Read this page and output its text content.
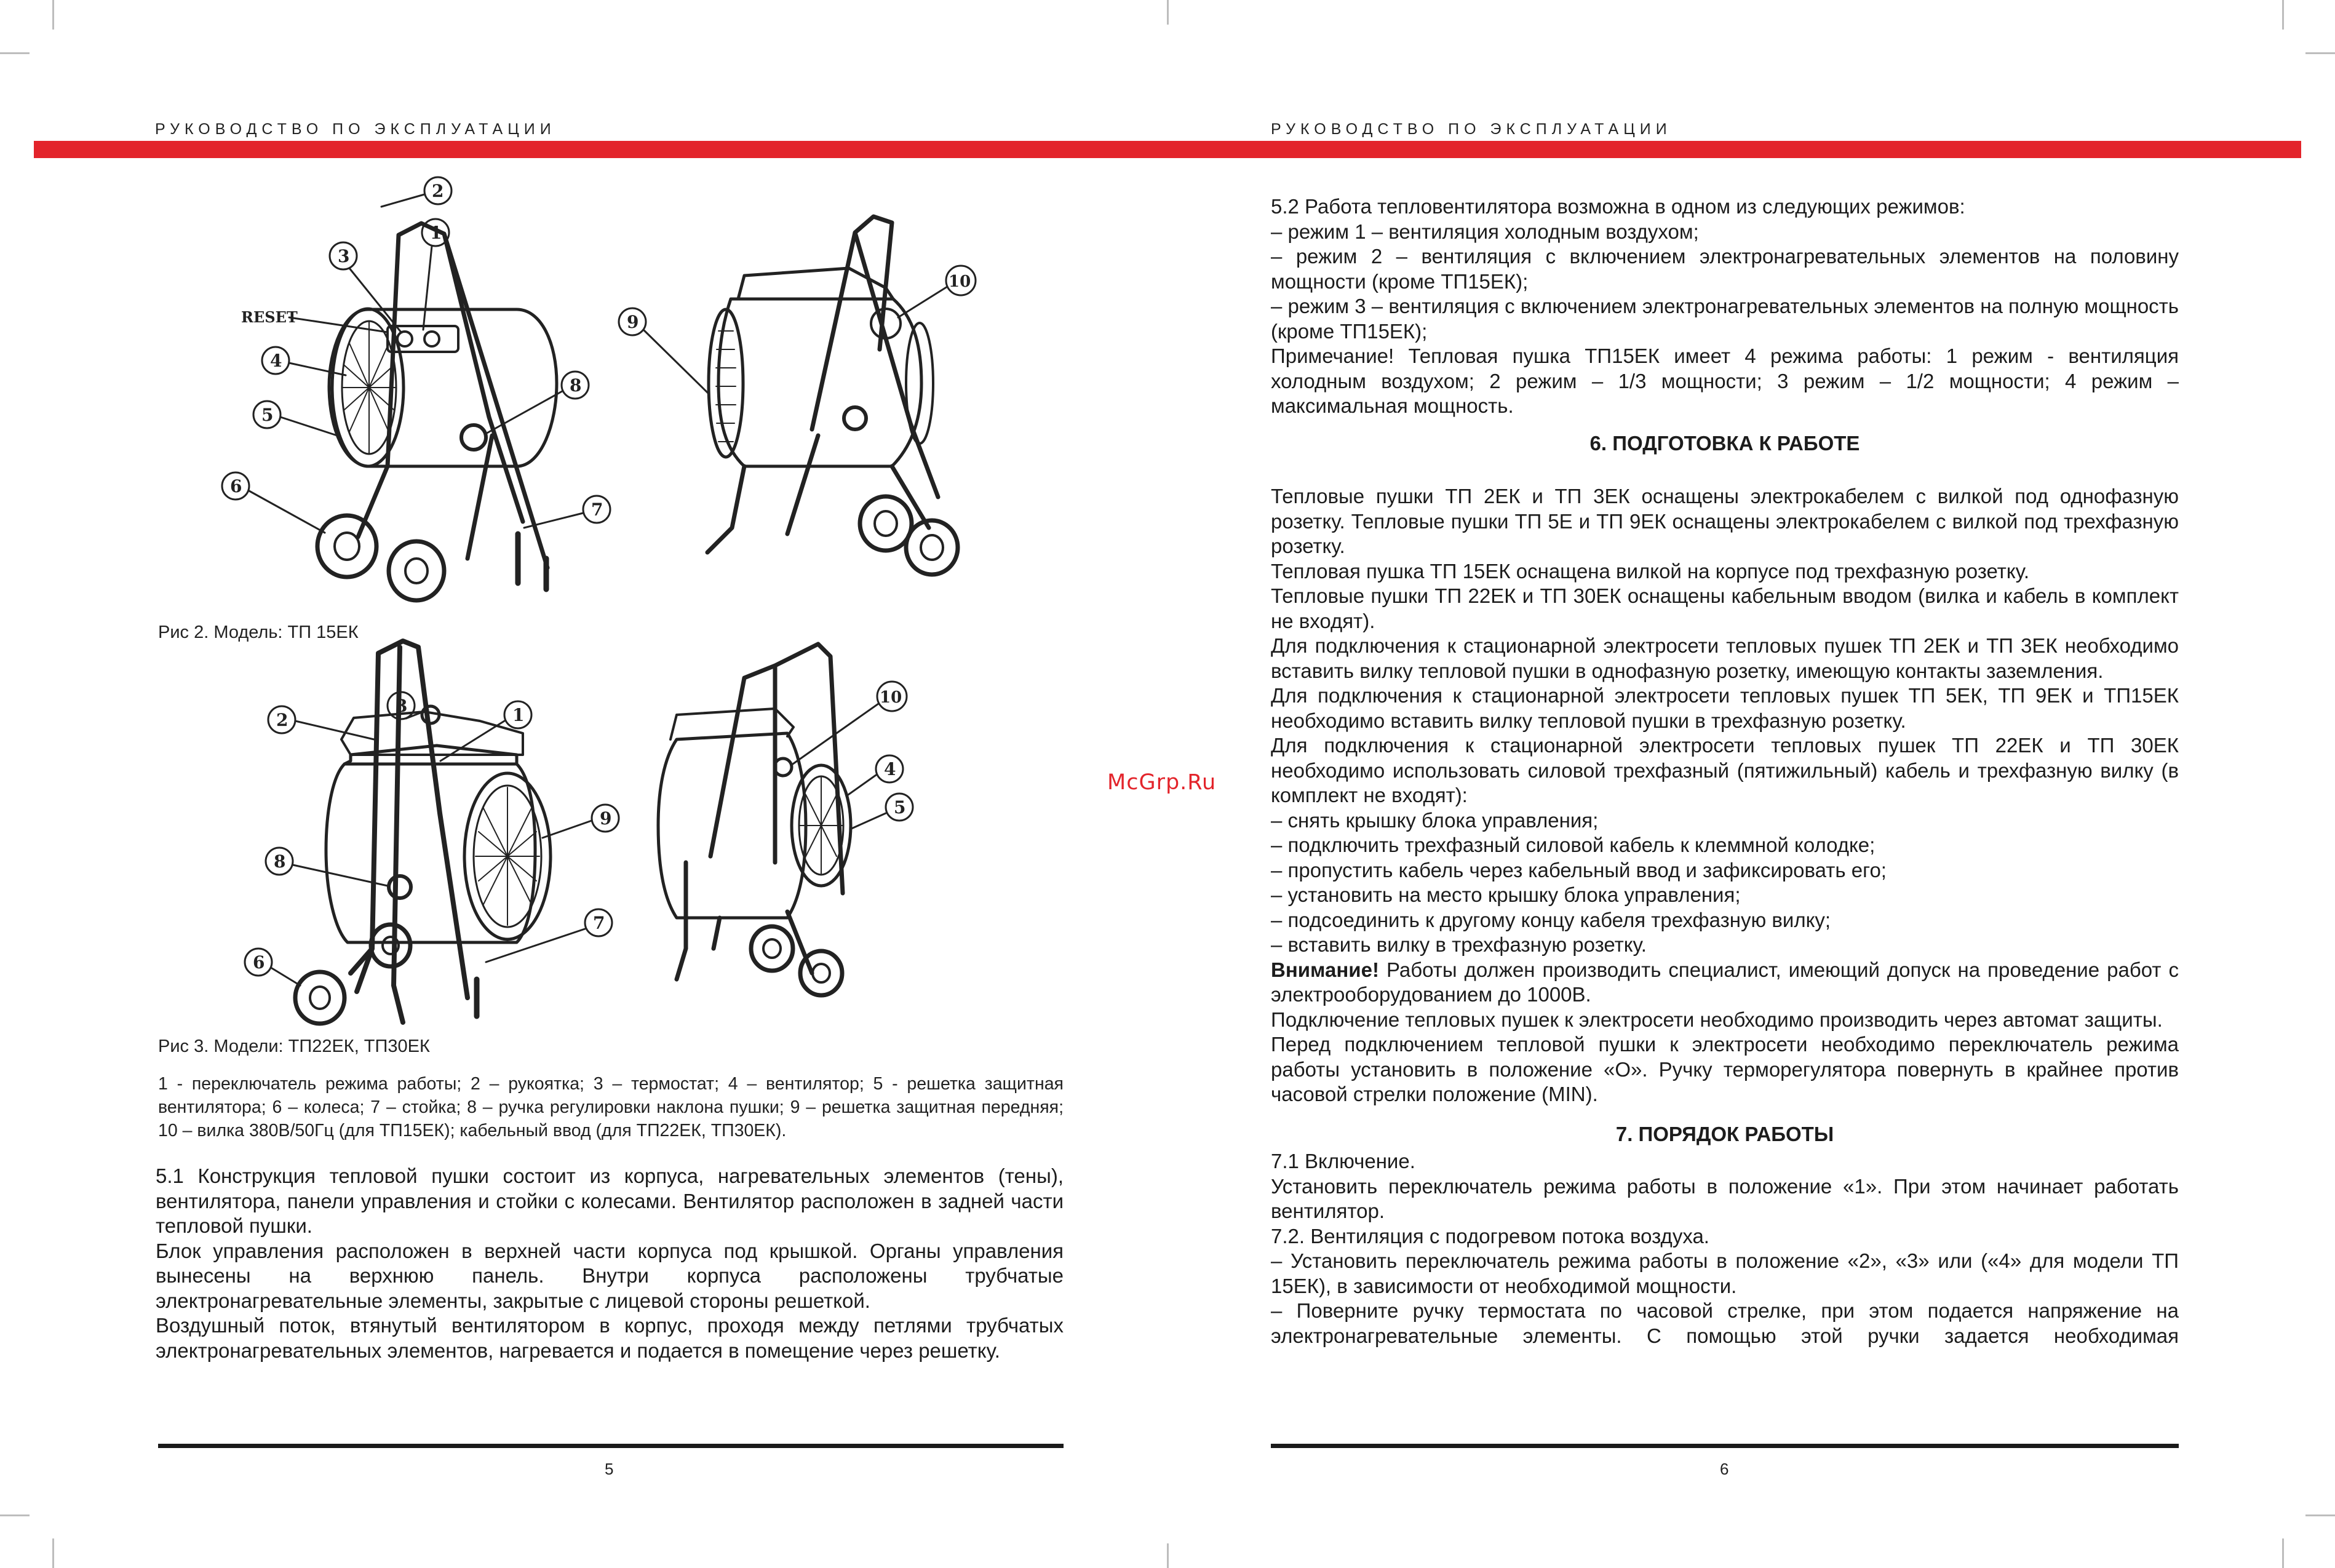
РУКОВОДСТВО ПО ЭКСПЛУАТАЦИИ	РУКОВОДСТВО ПО ЭКСПЛУАТАЦИИ
2
1
3
RESET
4
5
6
8
7
9
10
Рис 2. Модель: ТП 15ЕК
2
3	1
9
8
7
6
10
4
5
Рис 3. Модели: ТП22ЕК, ТП30ЕК
1 - переключатель режима работы; 2 – рукоятка; 3 – термостат; 4 – вентилятор; 5 - решетка защитная вентилятора; 6 – колеса; 7 – стойка; 8 – ручка регулировки наклона пушки; 9 – решетка защитная передняя; 10 – вилка 380В/50Гц (для ТП15ЕК); кабельный ввод (для ТП22ЕК, ТП30ЕК).

5.1 Конструкция тепловой пушки состоит из корпуса, нагревательных элементов (тены), вентилятора, панели управления и стойки с колесами. Вентилятор расположен в задней части тепловой пушки.

Блок управления расположен в верхней части корпуса под крышкой. Органы управления вынесены на верхнюю панель. Внутри корпуса расположены трубчатые электронагревательные элементы, закрытые с лицевой стороны решеткой.

Воздушный поток, втянутый вентилятором в корпус, проходя между петлями трубчатых электронагревательных элементов, нагревается и подается в помещение через решетку.

5
McGrp.Ru

5.2 Работа тепловентилятора возможна в одном из следующих режимов:

– режим 1 – вентиляция холодным воздухом;

– режим 2 – вентиляция с включением электронагревательных элементов на половину мощности (кроме ТП15ЕК);

– режим 3 – вентиляция с включением электронагревательных элементов на полную мощность (кроме ТП15ЕК);

Примечание! Тепловая пушка ТП15ЕК имеет 4 режима работы: 1 режим - вентиляция холодным воздухом; 2 режим – 1/3 мощности; 3 режим – 1/2 мощности; 4 режим – максимальная мощность.

6. ПОДГОТОВКА К РАБОТЕ

Тепловые пушки ТП 2ЕК и ТП 3ЕК оснащены электрокабелем с вилкой под однофазную розетку. Тепловые пушки ТП 5Е и ТП 9ЕК оснащены электрокабелем с вилкой под трехфазную розетку.

Тепловая пушка ТП 15ЕК оснащена вилкой на корпусе под трехфазную розетку.

Тепловые пушки ТП 22ЕК и ТП 30ЕК оснащены кабельным вводом (вилка и кабель в комплект не входят).

Для подключения к стационарной электросети тепловых пушек ТП 2ЕК и ТП 3ЕК необходимо вставить вилку тепловой пушки в однофазную розетку, имеющую контакты заземления.

Для подключения к стационарной электросети тепловых пушек ТП 5ЕК, ТП 9ЕК и ТП15ЕК необходимо вставить вилку тепловой пушки в трехфазную розетку.

Для подключения к стационарной электросети тепловых пушек ТП 22ЕК и ТП 30ЕК необходимо использовать силовой трехфазный (пятижильный) кабель и трехфазную вилку (в комплект не входят):

– снять крышку блока управления;

– подключить трехфазный силовой кабель к клеммной колодке;

– пропустить кабель через кабельный ввод и зафиксировать его;

– установить на место крышку блока управления;

– подсоединить к другому концу кабеля трехфазную вилку;

– вставить вилку в трехфазную розетку.

Внимание! Работы должен производить специалист, имеющий допуск на проведение работ с электрооборудованием до 1000В.

Подключение тепловых пушек к электросети необходимо производить через автомат защиты.

Перед подключением тепловой пушки к электросети необходимо переключатель режима работы установить в положение «О». Ручку терморегулятора повернуть в крайнее против часовой стрелки положение (MIN).

7. ПОРЯДОК РАБОТЫ

7.1 Включение.

Установить переключатель режима работы в положение «1». При этом начинает работать вентилятор.

7.2. Вентиляция с подогревом потока воздуха.

– Установить переключатель режима работы в положение «2», «3» или («4» для модели ТП 15ЕК), в зависимости от необходимой мощности.

– Поверните ручку термостата по часовой стрелке, при этом подается напряжение на электронагревательные элементы. С помощью этой ручки задается необходимая

6
